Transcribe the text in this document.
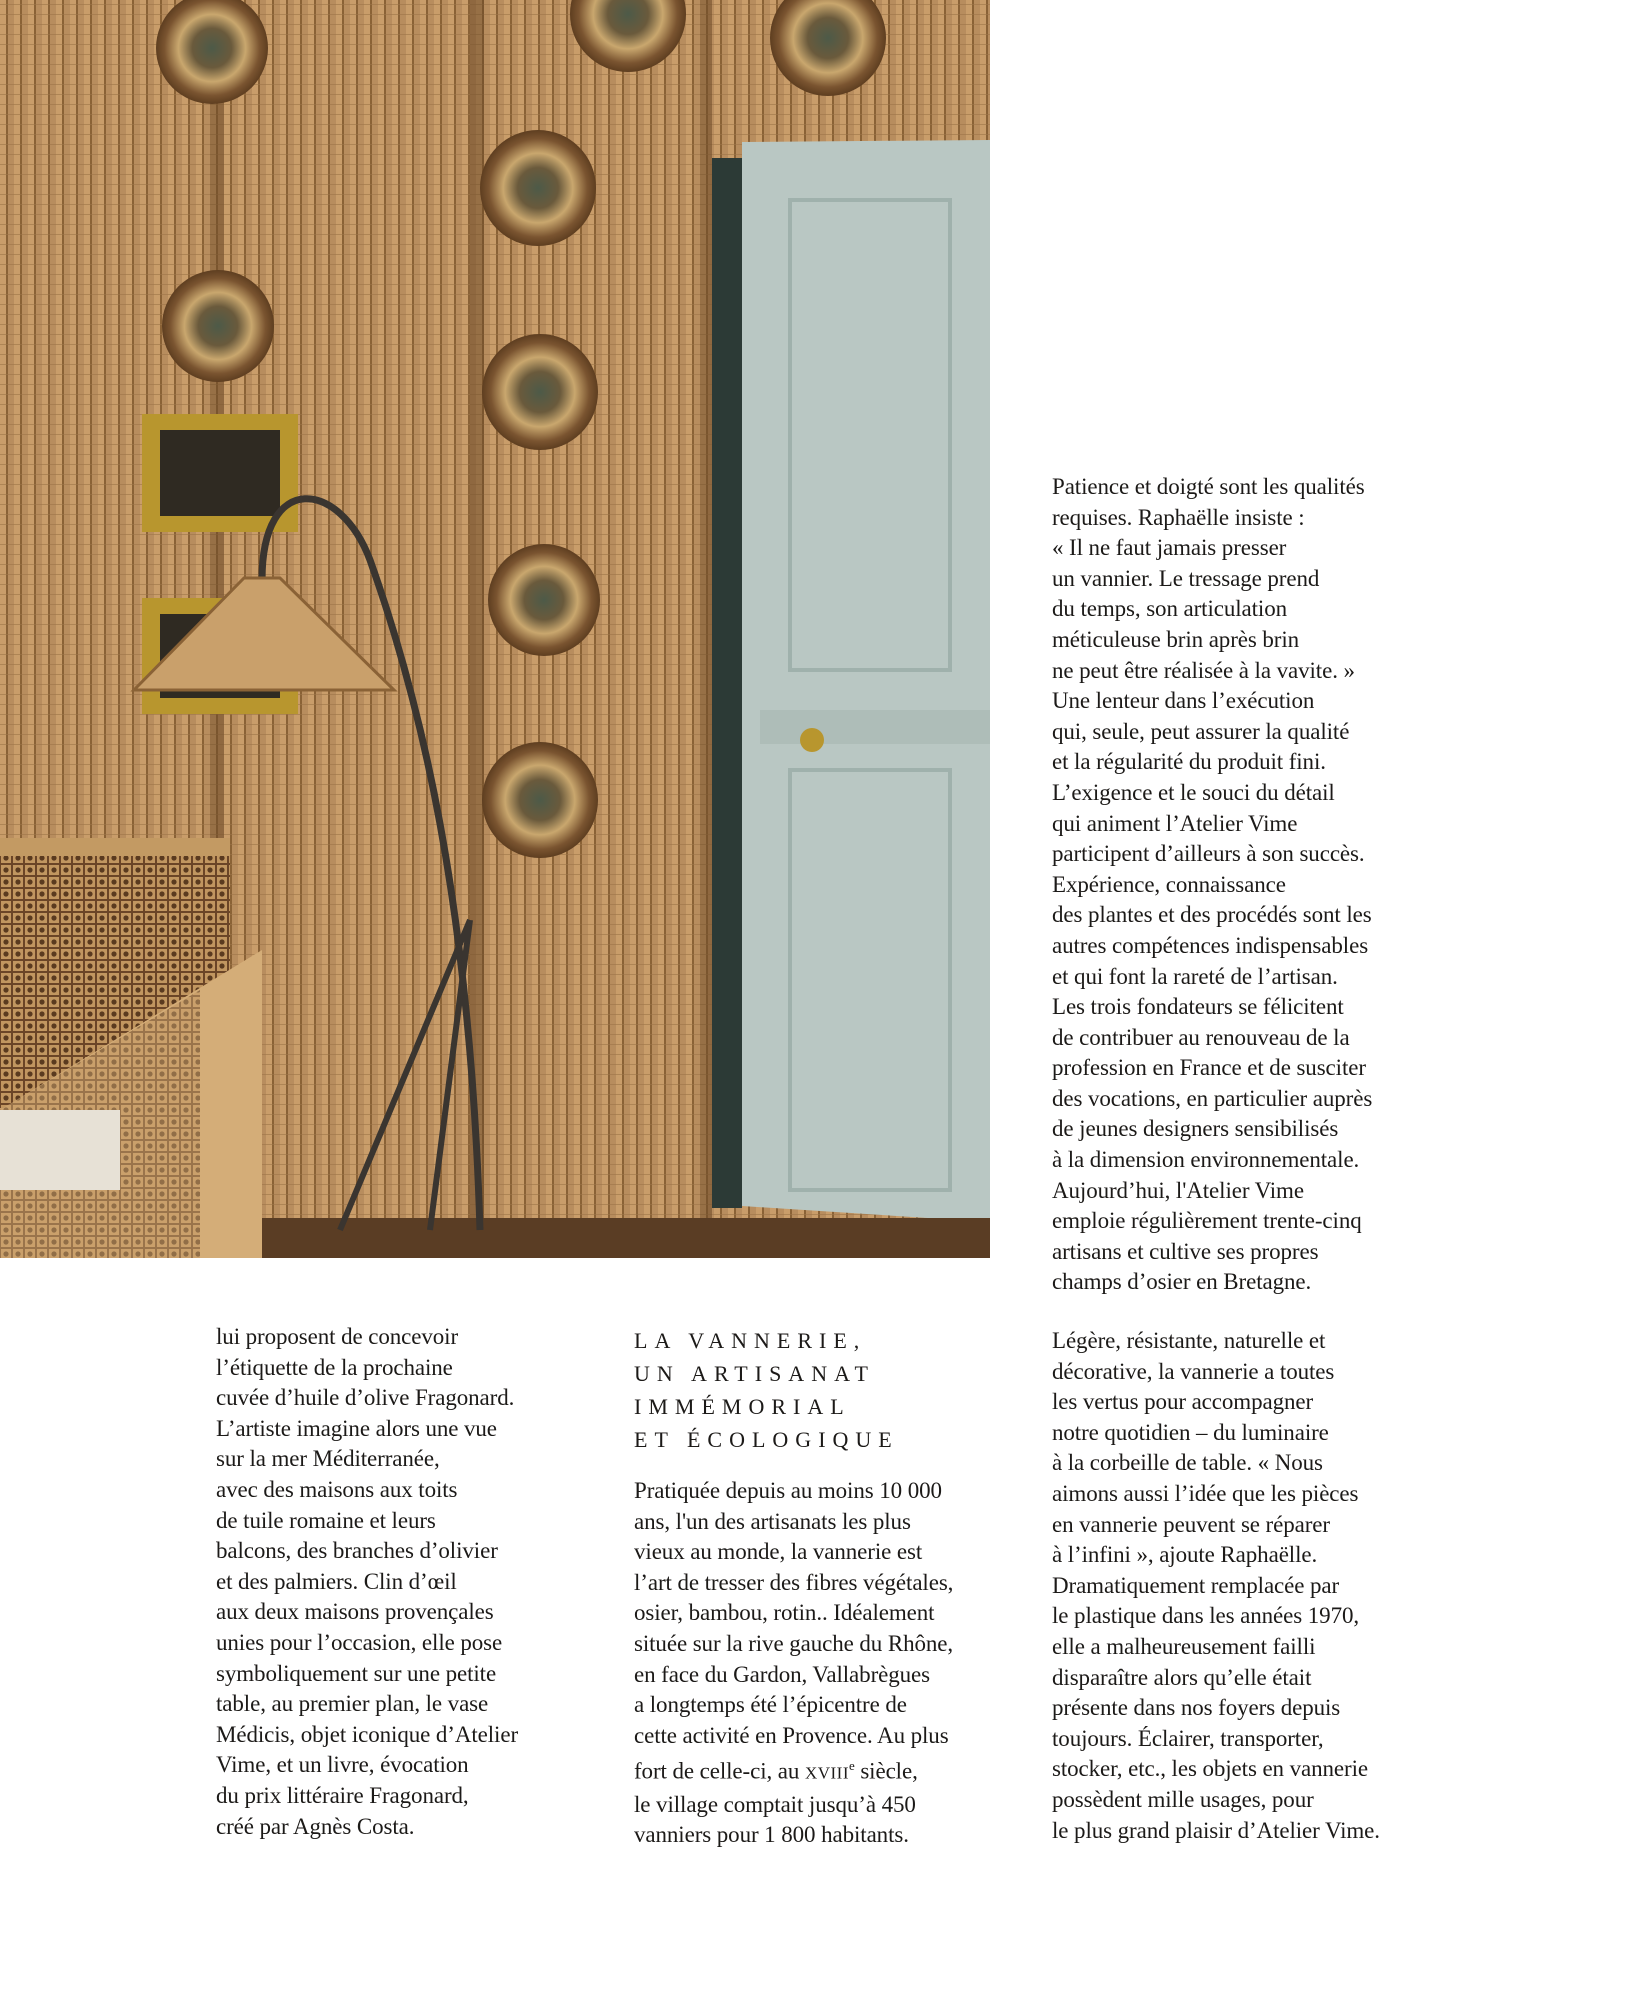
Patience et doigté sont les qualités
requises. Raphaëlle insiste :
« Il ne faut jamais presser
un vannier. Le tressage prend
du temps, son articulation
méticuleuse brin après brin
ne peut être réalisée à la vavite. »
Une lenteur dans l’exécution
qui, seule, peut assurer la qualité
et la régularité du produit fini.
L’exigence et le souci du détail
qui animent l’Atelier Vime
participent d’ailleurs à son succès.
Expérience, connaissance
des plantes et des procédés sont les
autres compétences indispensables
et qui font la rareté de l’artisan.
Les trois fondateurs se félicitent
de contribuer au renouveau de la
profession en France et de susciter
des vocations, en particulier auprès
de jeunes designers sensibilisés
à la dimension environnementale.
Aujourd’hui, l'Atelier Vime
emploie régulièrement trente-cinq
artisans et cultive ses propres
champs d’osier en Bretagne.
lui proposent de concevoir
l’étiquette de la prochaine
cuvée d’huile d’olive Fragonard.
L’artiste imagine alors une vue
sur la mer Méditerranée,
avec des maisons aux toits
de tuile romaine et leurs
balcons, des branches d’olivier
et des palmiers. Clin d’œil
aux deux maisons provençales
unies pour l’occasion, elle pose
symboliquement sur une petite
table, au premier plan, le vase
Médicis, objet iconique d’Atelier
Vime, et un livre, évocation
du prix littéraire Fragonard,
créé par Agnès Costa.
LA VANNERIE,
UN ARTISANAT
IMMÉMORIAL
ET ÉCOLOGIQUE
Pratiquée depuis au moins 10 000
ans, l'un des artisanats les plus
vieux au monde, la vannerie est
l’art de tresser des fibres végétales,
osier, bambou, rotin.. Idéalement
située sur la rive gauche du Rhône,
en face du Gardon, Vallabrègues
a longtemps été l’épicentre de
cette activité en Provence. Au plus
fort de celle-ci, au XVIIIe siècle,
le village comptait jusqu’à 450
vanniers pour 1 800 habitants.
Légère, résistante, naturelle et
décorative, la vannerie a toutes
les vertus pour accompagner
notre quotidien – du luminaire
à la corbeille de table. « Nous
aimons aussi l’idée que les pièces
en vannerie peuvent se réparer
à l’infini », ajoute Raphaëlle.
Dramatiquement remplacée par
le plastique dans les années 1970,
elle a malheureusement failli
disparaître alors qu’elle était
présente dans nos foyers depuis
toujours. Éclairer, transporter,
stocker, etc., les objets en vannerie
possèdent mille usages, pour
le plus grand plaisir d’Atelier Vime.
